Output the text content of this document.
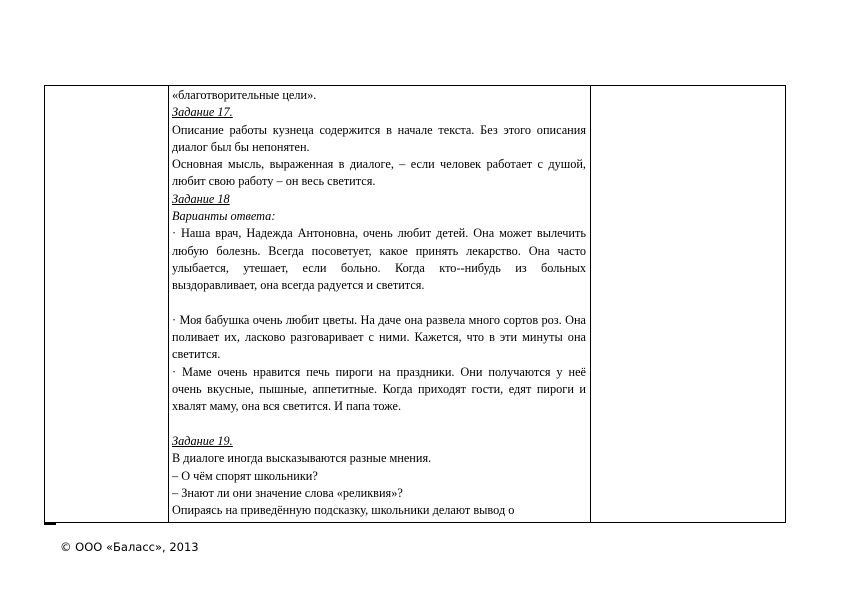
«благотворительные цели».

Задание 17.

Описание работы кузнеца содержится в начале текста. Без этого описания диалог был бы непонятен.

Основная мысль, выраженная в диалоге, – если человек работает с душой, любит свою работу – он весь светится.

Задание 18

Варианты ответа:

· Наша врач, Надежда Антоновна, очень любит детей. Она может вылечить любую болезнь. Всегда посоветует, какое принять лекарство. Она часто улыбается, утешает, если больно. Когда кто--нибудь из больных выздоравливает, она всегда радуется и светится.

· Моя бабушка очень любит цветы. На даче она развела много сортов роз. Она поливает их, ласково разговаривает с ними. Кажется, что в эти минуты она светится.

· Маме очень нравится печь пироги на праздники. Они получаются у неё очень вкусные, пышные, аппетитные. Когда приходят гости, едят пироги и хвалят маму, она вся светится. И папа тоже.

Задание 19.

В диалоге иногда высказываются разные мнения.

– О чём спорят школьники?

– Знают ли они значение слова «реликвия»?

Опираясь на приведённую подсказку, школьники делают вывод о

© ООО «Баласс», 2013
